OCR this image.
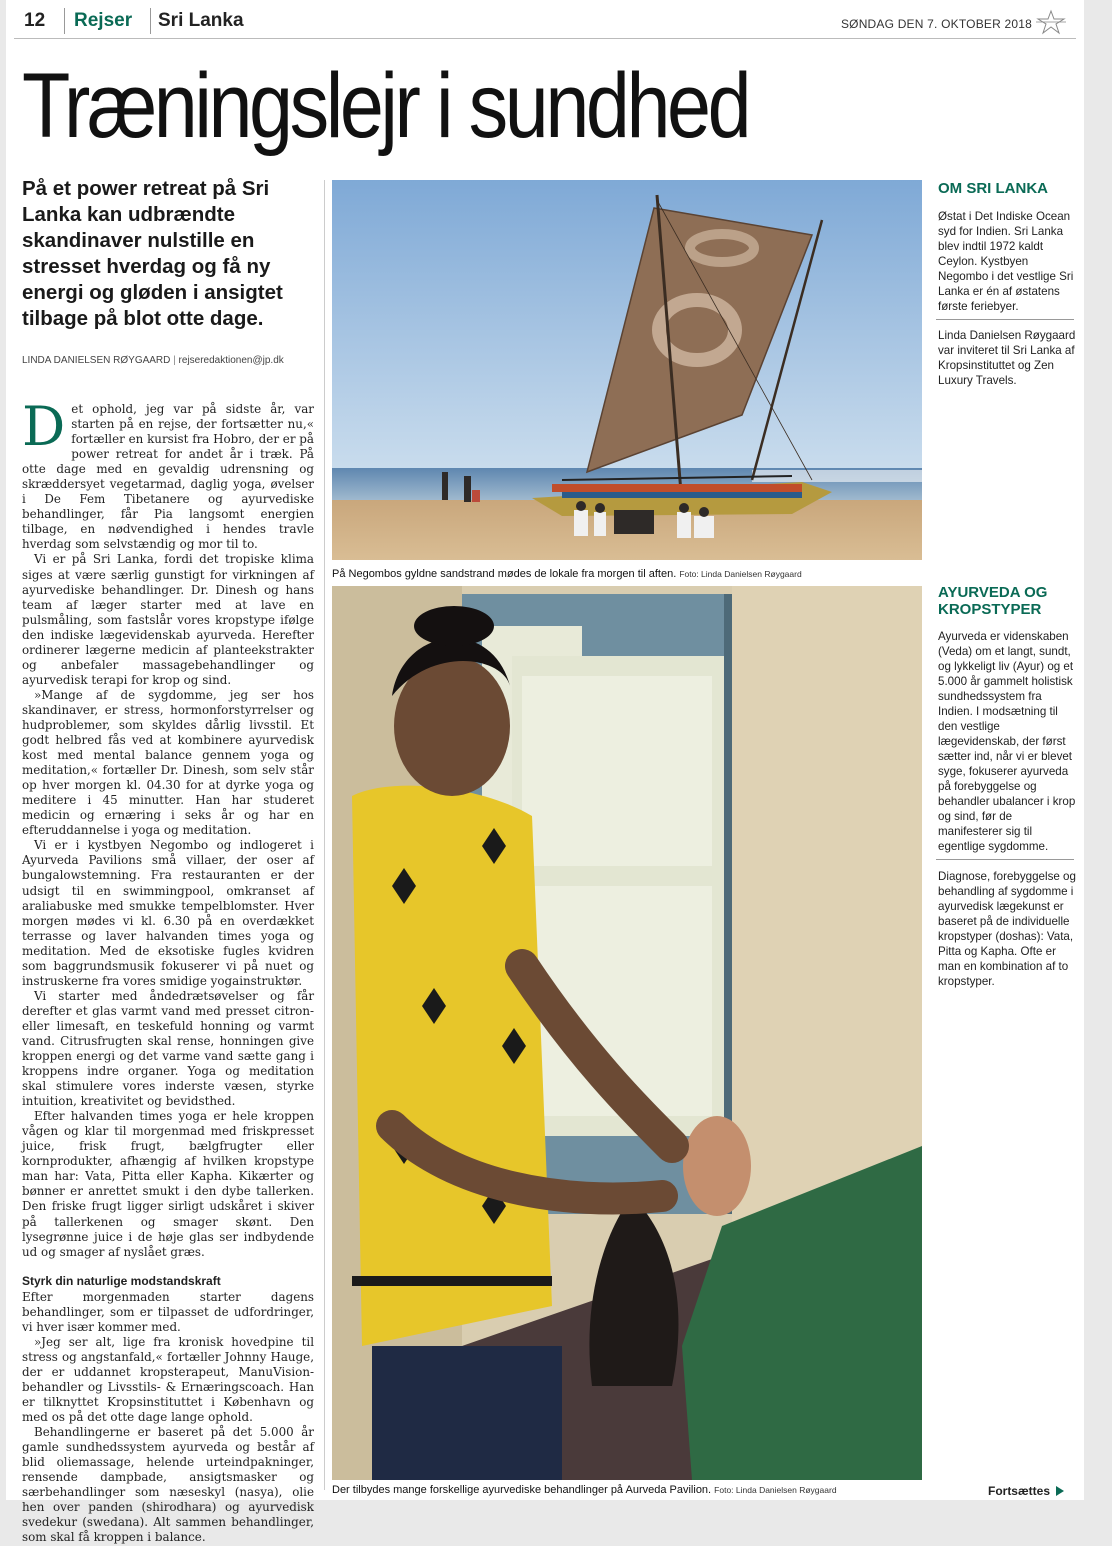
12 Rejser Sri Lanka	SØNDAG DEN 7. OKTOBER 2018
Træningslejr i sundhed
På et power retreat på Sri Lanka kan udbrændte skandinaver nulstille en stresset hverdag og få ny energi og gløden i ansigtet tilbage på blot otte dage.
LINDA DANIELSEN RØYGAARD | rejseredaktionen@jp.dk

Det ophold, jeg var på sidste år, var starten på en rejse, der fortsætter nu,« fortæller en kursist fra Hobro, der er på power retreat for andet år i træk. På otte dage med en gevaldig udrensning og skræddersyet vegetarmad, daglig yoga, øvelser i De Fem Tibetanere og ayurvediske behandlinger, får Pia langsomt energien tilbage, en nødvendighed i hendes travle hverdag som selvstændig og mor til to.

Vi er på Sri Lanka, fordi det tropiske klima siges at være særlig gunstigt for virkningen af ayurvediske behandlinger. Dr. Dinesh og hans team af læger starter med at lave en pulsmåling, som fastslår vores kropstype ifølge den indiske lægevidenskab ayurveda. Herefter ordinerer lægerne medicin af planteekstrakter og anbefaler massagebehandlinger og ayurvedisk terapi for krop og sind.

»Mange af de sygdomme, jeg ser hos skandinaver, er stress, hormonforstyrrelser og hudproblemer, som skyldes dårlig livsstil. Et godt helbred fås ved at kombinere ayurvedisk kost med mental balance gennem yoga og meditation,« fortæller Dr. Dinesh, som selv står op hver morgen kl. 04.30 for at dyrke yoga og meditere i 45 minutter. Han har studeret medicin og ernæring i seks år og har en efteruddannelse i yoga og meditation.

Vi er i kystbyen Negombo og indlogeret i Ayurveda Pavilions små villaer, der oser af bungalowstemning. Fra restauranten er der udsigt til en swimmingpool, omkranset af araliabuske med smukke tempelblomster. Hver morgen mødes vi kl. 6.30 på en overdækket terrasse og laver halvanden times yoga og meditation. Med de eksotiske fugles kvidren som baggrundsmusik fokuserer vi på nuet og instruskerne fra vores smidige yogainstruktør.

Vi starter med åndedrætsøvelser og får derefter et glas varmt vand med presset citron- eller limesaft, en teskefuld honning og varmt vand. Citrusfrugten skal rense, honningen give kroppen energi og det varme vand sætte gang i kroppens indre organer. Yoga og meditation skal stimulere vores inderste væsen, styrke intuition, kreativitet og bevidsthed.

Efter halvanden times yoga er hele kroppen vågen og klar til morgenmad med friskpresset juice, frisk frugt, bælgfrugter eller kornprodukter, afhængig af hvilken kropstype man har: Vata, Pitta eller Kapha. Kikærter og bønner er anrettet smukt i den dybe tallerken. Den friske frugt ligger sirligt udskåret i skiver på tallerkenen og smager skønt. Den lysegrønne juice i de høje glas ser indbydende ud og smager af nyslået græs.

Styrk din naturlige modstandskraft

Efter morgenmaden starter dagens behandlinger, som er tilpasset de udfordringer, vi hver især kommer med.

»Jeg ser alt, lige fra kronisk hovedpine til stress og angstanfald,« fortæller Johnny Hauge, der er uddannet kropsterapeut, ManuVision-behandler og Livsstils- & Ernæringscoach. Han er tilknyttet Kropsinstituttet i København og med os på det otte dage lange ophold.

Behandlingerne er baseret på det 5.000 år gamle sundhedssystem ayurveda og består af blid oliemassage, helende urteindpakninger, rensende dampbade, ansigtsmasker og særbehandlinger som næseskyl (nasya), olie hen over panden (shirodhara) og ayurvedisk svedekur (swedana). Alt sammen behandlinger, som skal få kroppen i balance.

På Negombos gyldne sandstrand mødes de lokale fra morgen til aften. Foto: Linda Danielsen Røygaard
Der tilbydes mange forskellige ayurvediske behandlinger på Aurveda Pavilion. Foto: Linda Danielsen Røygaard
OM SRI LANKA
Østat i Det Indiske Ocean syd for Indien. Sri Lanka blev indtil 1972 kaldt Ceylon. Kystbyen Negombo i det vestlige Sri Lanka er én af østatens første feriebyer.
Linda Danielsen Røygaard var inviteret til Sri Lanka af Kropsinstituttet og Zen Luxury Travels.
AYURVEDA OG
KROPSTYPER
Ayurveda er videnskaben (Veda) om et langt, sundt, og lykkeligt liv (Ayur) og et 5.000 år gammelt holistisk sundhedssystem fra Indien. I modsætning til den vestlige lægevidenskab, der først sætter ind, når vi er blevet syge, fokuserer ayurveda på forebyggelse og behandler ubalancer i krop og sind, før de manifesterer sig til egentlige sygdomme.
Diagnose, forebyggelse og behandling af sygdomme i ayurvedisk lægekunst er baseret på de individuelle kropstyper (doshas): Vata, Pitta og Kapha. Ofte er man en kombination af to kropstyper.
Fortsættes
